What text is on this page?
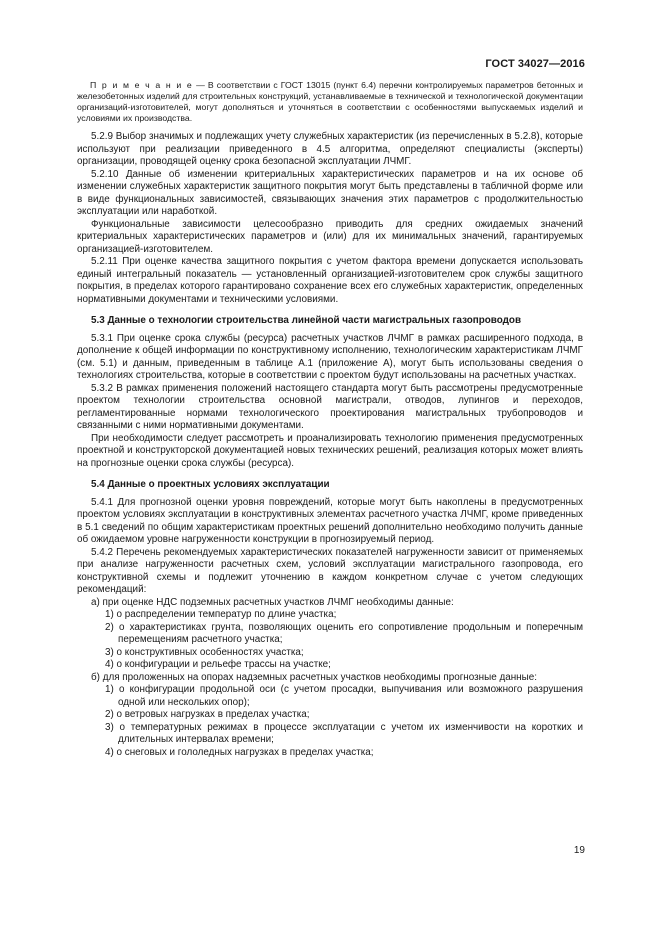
ГОСТ 34027—2016

П р и м е ч а н и е — В соответствии с ГОСТ 13015 (пункт 6.4) перечни контролируемых параметров бетонных и железобетонных изделий для строительных конструкций, устанавливаемые в технической и технологической документации организаций-изготовителей, могут дополняться и уточняться в соответствии с особенностями выпускаемых изделий и условиями их производства.

5.2.9 Выбор значимых и подлежащих учету служебных характеристик (из перечисленных в 5.2.8), которые используют при реализации приведенного в 4.5 алгоритма, определяют специалисты (эксперты) организации, проводящей оценку срока безопасной эксплуатации ЛЧМГ.

5.2.10 Данные об изменении критериальных характеристических параметров и на их основе об изменении служебных характеристик защитного покрытия могут быть представлены в табличной форме или в виде функциональных зависимостей, связывающих значения этих параметров с продолжительностью эксплуатации или наработкой.

Функциональные зависимости целесообразно приводить для средних ожидаемых значений критериальных характеристических параметров и (или) для их минимальных значений, гарантируемых организацией-изготовителем.

5.2.11 При оценке качества защитного покрытия с учетом фактора времени допускается использовать единый интегральный показатель — установленный организацией-изготовителем срок службы защитного покрытия, в пределах которого гарантировано сохранение всех его служебных характеристик, определенных нормативными документами и техническими условиями.

5.3 Данные о технологии строительства линейной части магистральных газопроводов

5.3.1 При оценке срока службы (ресурса) расчетных участков ЛЧМГ в рамках расширенного подхода, в дополнение к общей информации по конструктивному исполнению, технологическим характеристикам ЛЧМГ (см. 5.1) и данным, приведенным в таблице А.1 (приложение А), могут быть использованы сведения о технологиях строительства, которые в соответствии с проектом будут использованы на расчетных участках.

5.3.2 В рамках применения положений настоящего стандарта могут быть рассмотрены предусмотренные проектом технологии строительства основной магистрали, отводов, лупингов и переходов, регламентированные нормами технологического проектирования магистральных трубопроводов и связанными с ними нормативными документами.

При необходимости следует рассмотреть и проанализировать технологию применения предусмотренных проектной и конструкторской документацией новых технических решений, реализация которых может влиять на прогнозные оценки срока службы (ресурса).

5.4 Данные о проектных условиях эксплуатации

5.4.1 Для прогнозной оценки уровня повреждений, которые могут быть накоплены в предусмотренных проектом условиях эксплуатации в конструктивных элементах расчетного участка ЛЧМГ, кроме приведенных в 5.1 сведений по общим характеристикам проектных решений дополнительно необходимо получить данные об ожидаемом уровне нагруженности конструкции в прогнозируемый период.

5.4.2 Перечень рекомендуемых характеристических показателей нагруженности зависит от применяемых при анализе нагруженности расчетных схем, условий эксплуатации магистрального газопровода, его конструктивной схемы и подлежит уточнению в каждом конкретном случае с учетом следующих рекомендаций:

а) при оценке НДС подземных расчетных участков ЛЧМГ необходимы данные:
1) о распределении температур по длине участка;
2) о характеристиках грунта, позволяющих оценить его сопротивление продольным и поперечным перемещениям расчетного участка;
3) о конструктивных особенностях участка;
4) о конфигурации и рельефе трассы на участке;
б) для проложенных на опорах надземных расчетных участков необходимы прогнозные данные:
1) о конфигурации продольной оси (с учетом просадки, выпучивания или возможного разрушения одной или нескольких опор);
2) о ветровых нагрузках в пределах участка;
3) о температурных режимах в процессе эксплуатации с учетом их изменчивости на коротких и длительных интервалах времени;
4) о снеговых и гололедных нагрузках в пределах участка;
19
